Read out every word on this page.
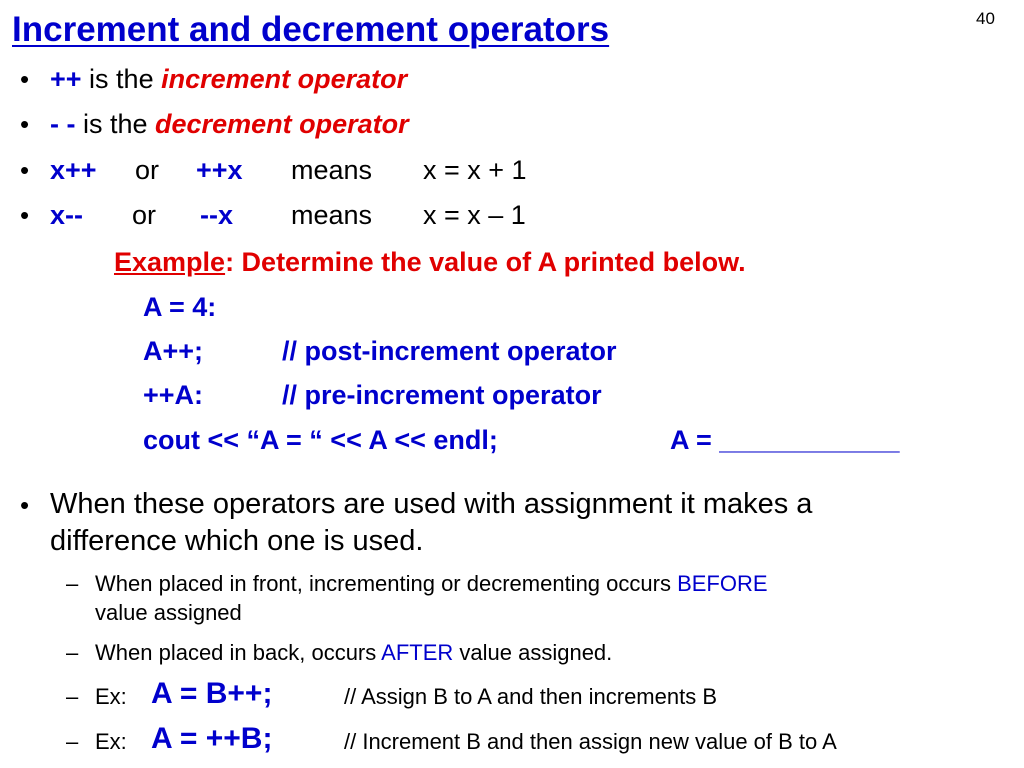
40
Increment and decrement operators
• ++ is the increment operator
• - - is the decrement operator
• x++ or ++x means x = x + 1
• x-- or --x means x = x – 1
Example: Determine the value of A printed below.
A = 4:
A++;	// post-increment operator
++A:	// pre-increment operator
cout << “A = “ << A << endl;	A = ____________
• When these operators are used with assignment it makes a
difference which one is used.
– When placed in front, incrementing or decrementing occurs BEFORE
value assigned
– When placed in back, occurs AFTER value assigned.
– Ex: A = B++;	// Assign B to A and then increments B
– Ex: A = ++B;	// Increment B and then assign new value of B to A
